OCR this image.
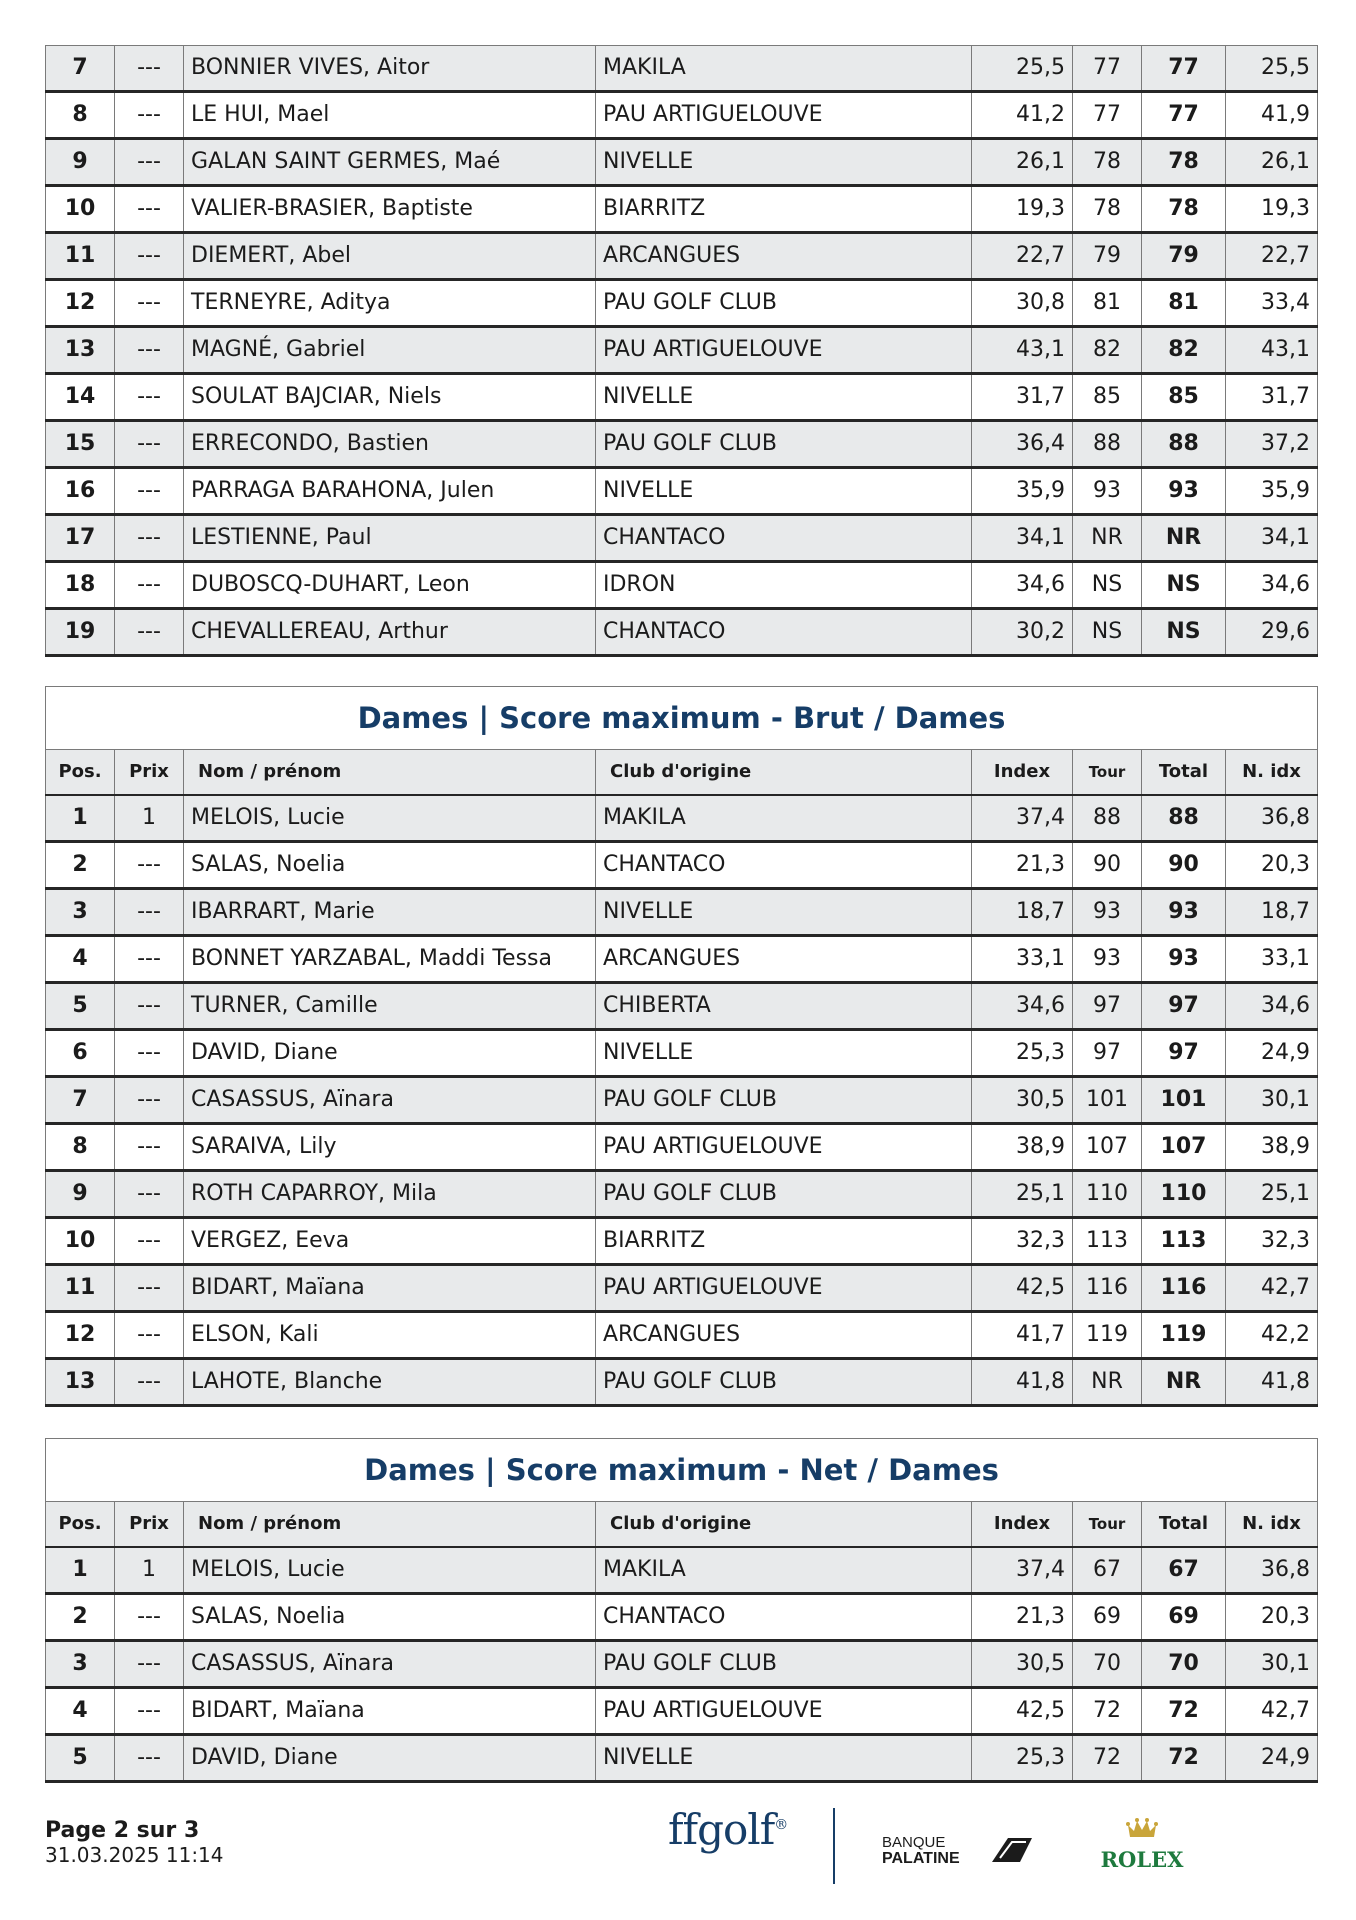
7	---	BONNIER VIVES, Aitor	MAKILA	25,5	77	77	25,5
8	---	LE HUI, Mael	PAU ARTIGUELOUVE	41,2	77	77	41,9
9	---	GALAN SAINT GERMES, Maé	NIVELLE	26,1	78	78	26,1
10	---	VALIER-BRASIER, Baptiste	BIARRITZ	19,3	78	78	19,3
11	---	DIEMERT, Abel	ARCANGUES	22,7	79	79	22,7
12	---	TERNEYRE, Aditya	PAU GOLF CLUB	30,8	81	81	33,4
13	---	MAGNÉ, Gabriel	PAU ARTIGUELOUVE	43,1	82	82	43,1
14	---	SOULAT BAJCIAR, Niels	NIVELLE	31,7	85	85	31,7
15	---	ERRECONDO, Bastien	PAU GOLF CLUB	36,4	88	88	37,2
16	---	PARRAGA BARAHONA, Julen	NIVELLE	35,9	93	93	35,9
17	---	LESTIENNE, Paul	CHANTACO	34,1	NR	NR	34,1
18	---	DUBOSCQ-DUHART, Leon	IDRON	34,6	NS	NS	34,6
19	---	CHEVALLEREAU, Arthur	CHANTACO	30,2	NS	NS	29,6
Dames | Score maximum - Brut / Dames							
Pos.	Prix	Nom / prénom	Club d'origine	Index	Tour	Total	N. idx
1	1	MELOIS, Lucie	MAKILA	37,4	88	88	36,8
2	---	SALAS, Noelia	CHANTACO	21,3	90	90	20,3
3	---	IBARRART, Marie	NIVELLE	18,7	93	93	18,7
4	---	BONNET YARZABAL, Maddi Tessa	ARCANGUES	33,1	93	93	33,1
5	---	TURNER, Camille	CHIBERTA	34,6	97	97	34,6
6	---	DAVID, Diane	NIVELLE	25,3	97	97	24,9
7	---	CASASSUS, Aïnara	PAU GOLF CLUB	30,5	101	101	30,1
8	---	SARAIVA, Lily	PAU ARTIGUELOUVE	38,9	107	107	38,9
9	---	ROTH CAPARROY, Mila	PAU GOLF CLUB	25,1	110	110	25,1
10	---	VERGEZ, Eeva	BIARRITZ	32,3	113	113	32,3
11	---	BIDART, Maïana	PAU ARTIGUELOUVE	42,5	116	116	42,7
12	---	ELSON, Kali	ARCANGUES	41,7	119	119	42,2
13	---	LAHOTE, Blanche	PAU GOLF CLUB	41,8	NR	NR	41,8
Dames | Score maximum - Net / Dames							
Pos.	Prix	Nom / prénom	Club d'origine	Index	Tour	Total	N. idx
1	1	MELOIS, Lucie	MAKILA	37,4	67	67	36,8
2	---	SALAS, Noelia	CHANTACO	21,3	69	69	20,3
3	---	CASASSUS, Aïnara	PAU GOLF CLUB	30,5	70	70	30,1
4	---	BIDART, Maïana	PAU ARTIGUELOUVE	42,5	72	72	42,7
5	---	DAVID, Diane	NIVELLE	25,3	72	72	24,9
Page 2 sur 3
31.03.2025 11:14
ffgolf®
BANQUE
PALATINE	ROLEX
